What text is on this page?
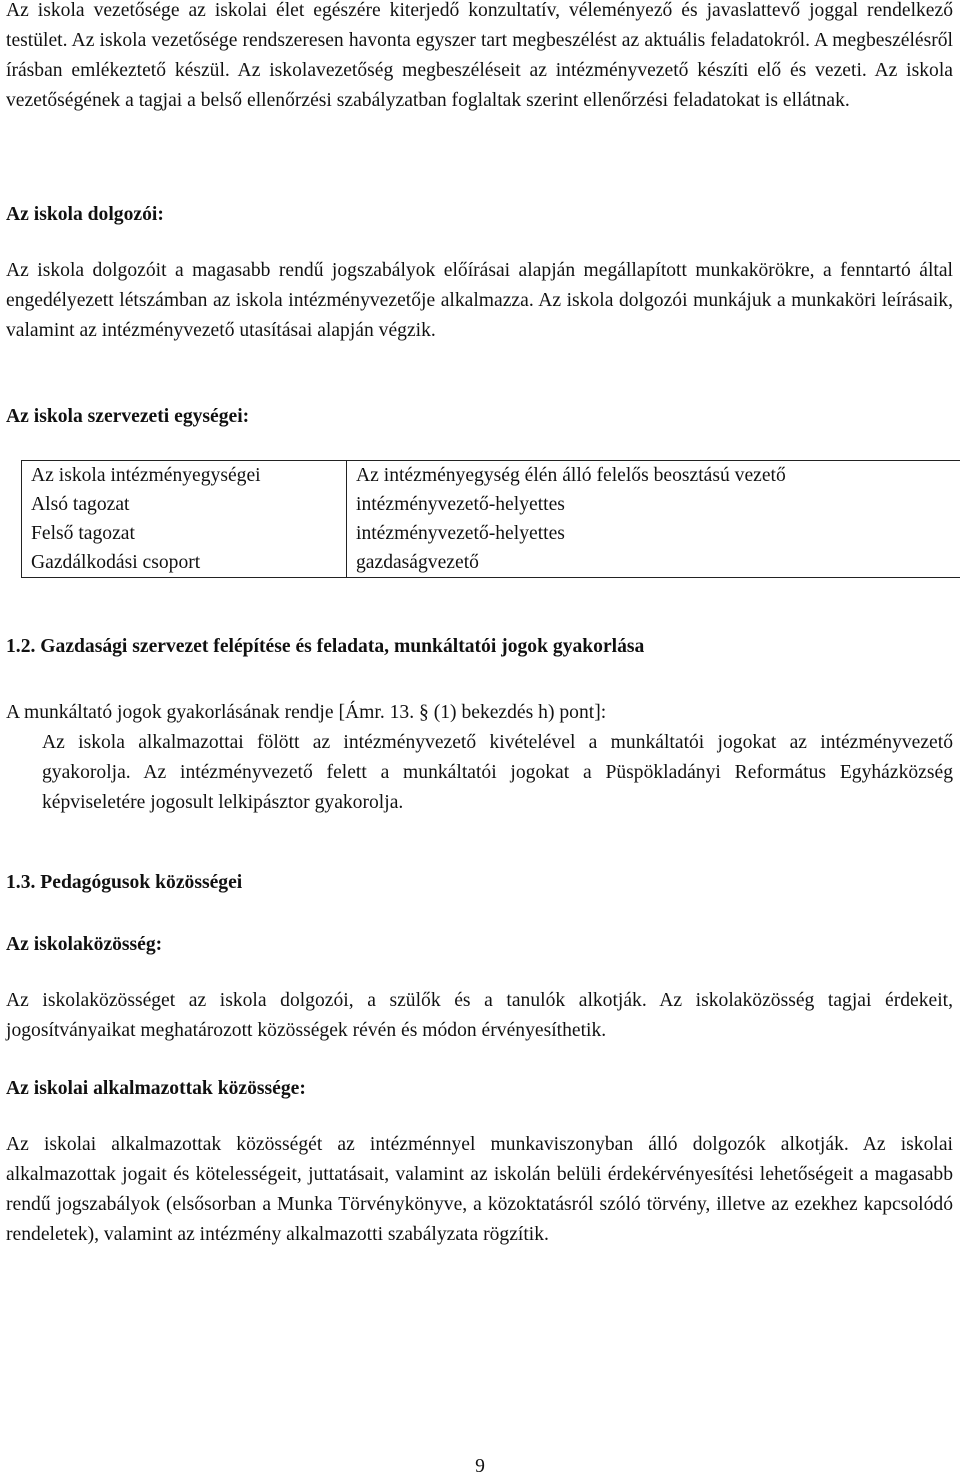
Az iskola vezetősége az iskolai élet egészére kiterjedő konzultatív, véleményező és javaslattevő joggal rendelkező testület. Az iskola vezetősége rendszeresen havonta egyszer tart megbeszélést az aktuális feladatokról. A megbeszélésről írásban emlékeztető készül. Az iskolavezetőség megbeszéléseit az intézményvezető készíti elő és vezeti. Az iskola vezetőségének a tagjai a belső ellenőrzési szabályzatban foglaltak szerint ellenőrzési feladatokat is ellátnak.

Az iskola dolgozói:

Az iskola dolgozóit a magasabb rendű jogszabályok előírásai alapján megállapított munkakörökre, a fenntartó által engedélyezett létszámban az iskola intézményvezetője alkalmazza. Az iskola dolgozói munkájuk a munkaköri leírásaik, valamint az intézményvezető utasításai alapján végzik.

Az iskola szervezeti egységei:

Az iskola intézményegységei	Az intézményegység élén álló felelős beosztású vezető
Alsó tagozat	intézményvezető-helyettes
Felső tagozat	intézményvezető-helyettes
Gazdálkodási csoport	gazdaságvezető

1.2. Gazdasági szervezet felépítése és feladata, munkáltatói jogok gyakorlása

A munkáltató jogok gyakorlásának rendje [Ámr. 13. § (1) bekezdés h) pont]:

Az iskola alkalmazottai fölött az intézményvezető kivételével a munkáltatói jogokat az intézményvezető gyakorolja. Az intézményvezető felett a munkáltatói jogokat a Püspökladányi Református Egyházközség képviseletére jogosult lelkipásztor gyakorolja.

1.3. Pedagógusok közösségei

Az iskolaközösség:

Az iskolaközösséget az iskola dolgozói, a szülők és a tanulók alkotják. Az iskolaközösség tagjai érdekeit, jogosítványaikat meghatározott közösségek révén és módon érvényesíthetik.

Az iskolai alkalmazottak közössége:

Az iskolai alkalmazottak közösségét az intézménnyel munkaviszonyban álló dolgozók alkotják. Az iskolai alkalmazottak jogait és kötelességeit, juttatásait, valamint az iskolán belüli érdekérvényesítési lehetőségeit a magasabb rendű jogszabályok (elsősorban a Munka Törvénykönyve, a közoktatásról szóló törvény, illetve az ezekhez kapcsolódó rendeletek), valamint az intézmény alkalmazotti szabályzata rögzítik.

9
